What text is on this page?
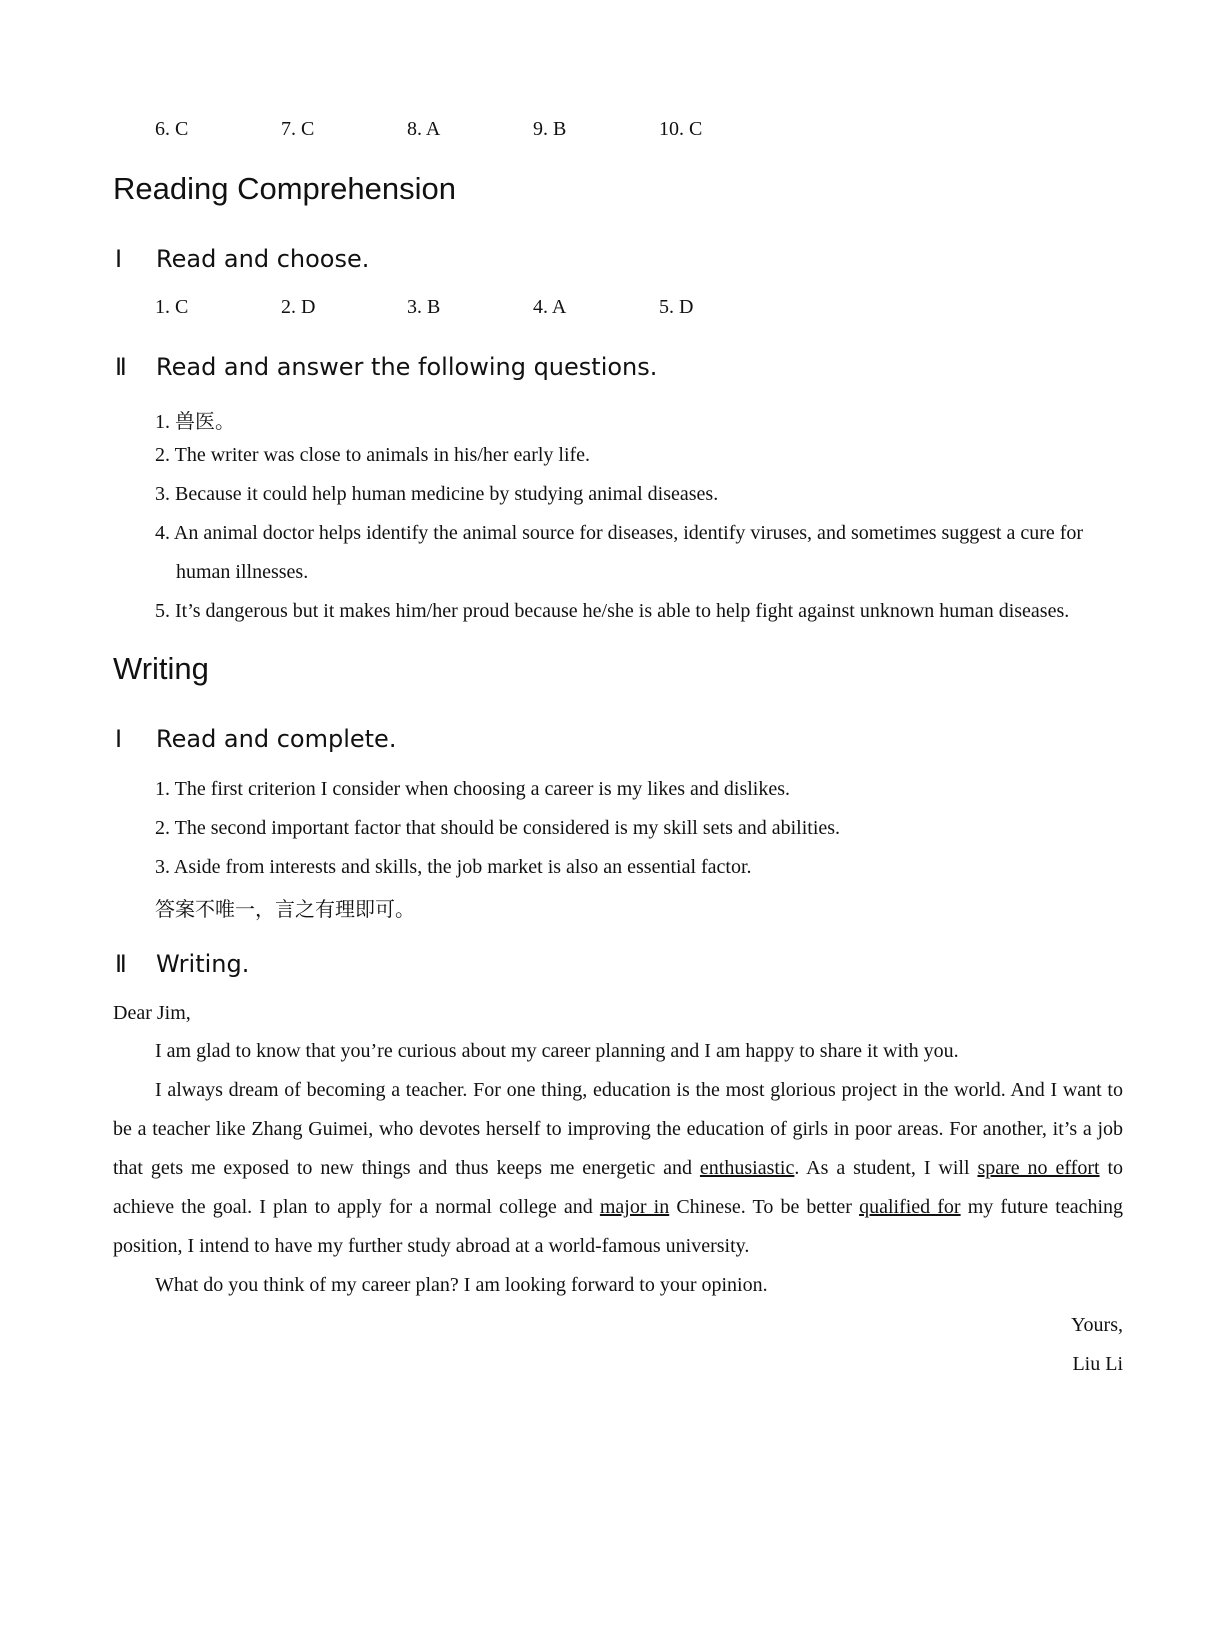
6. C	7. C	8. A	9. B	10. C
Reading Comprehension
Ⅰ Read and choose.
1. C	2. D	3. B	4. A	5. D
Ⅱ Read and answer the following questions.
1. 兽医。
2. The writer was close to animals in his/her early life.
3. Because it could help human medicine by studying animal diseases.
4. An animal doctor helps identify the animal source for diseases, identify viruses, and sometimes suggest a cure for
human illnesses.
5. It’s dangerous but it makes him/her proud because he/she is able to help fight against unknown human diseases.
Writing
Ⅰ Read and complete.
1. The first criterion I consider when choosing a career is my likes and dislikes.
2. The second important factor that should be considered is my skill sets and abilities.
3. Aside from interests and skills, the job market is also an essential factor.
答案不唯一，言之有理即可。
Ⅱ Writing.
Dear Jim,

I am glad to know that you’re curious about my career planning and I am happy to share it with you.

I always dream of becoming a teacher. For one thing, education is the most glorious project in the world. And I want to be a teacher like Zhang Guimei, who devotes herself to improving the education of girls in poor areas. For another, it’s a job that gets me exposed to new things and thus keeps me energetic and enthusiastic. As a student, I will spare no effort to achieve the goal. I plan to apply for a normal college and major in Chinese. To be better qualified for my future teaching position, I intend to have my further study abroad at a world-famous university.

What do you think of my career plan? I am looking forward to your opinion.

Yours,
Liu Li
